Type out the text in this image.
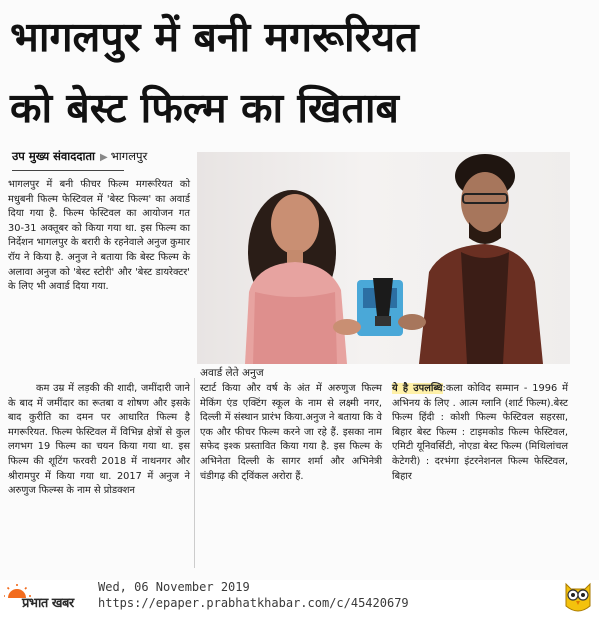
भागलपुर में बनी मगरूरियत
को बेस्ट फिल्म का खिताब
उप मुख्य संवाददाता ▶ भागलपुर

भागलपुर में बनी फीचर फिल्म मगरूरियत को मधुबनी फिल्म फेस्टिवल में 'बेस्ट फिल्म' का अवार्ड दिया गया है. फिल्म फेस्टिवल का आयोजन गत 30-31 अक्तूबर को किया गया था. इस फिल्म का निर्देशन भागलपुर के बरारी के रहनेवाले अनुज कुमार रॉय ने किया है. अनुज ने बताया कि बेस्ट फिल्म के अलावा अनुज को 'बेस्ट स्टोरी' और 'बेस्ट डायरेक्टर' के लिए भी अवार्ड दिया गया.

कम उम्र में लड़की की शादी, जमींदारी जाने के बाद में जमींदार का रूतबा व शोषण और इसके बाद कुरीति का दमन पर आधारित फिल्म है मगरूरियत. फिल्म फेस्टिवल में विभिन्न क्षेत्रों से कुल लगभग 19 फिल्म का चयन किया गया था. इस फिल्म की शूटिंग फरवरी 2018 में नाथनगर और श्रीरामपुर में किया गया था. 2017 में अनुज ने अरुणुज फिल्म्स के नाम से प्रोडक्शन

स्टार्ट किया और वर्ष के अंत में अरुणुज फिल्म मेकिंग एंड एक्टिंग स्कूल के नाम से लक्ष्मी नगर, दिल्ली में संस्थान प्रारंभ किया.अनुज ने बताया कि वे एक और फीचर फिल्म करने जा रहे हैं. इसका नाम सफेद इश्क प्रस्तावित किया गया है. इस फिल्म के अभिनेता दिल्ली के सागर शर्मा और अभिनेत्री चंडीगढ़ की ट्विंकल अरोरा हैं.

ये है उपलब्धि:कला कोविद सम्मान - 1996 में अभिनय के लिए . आत्म ग्लानि (शार्ट फिल्म).बेस्ट फिल्म हिंदी : कोशी फिल्म फेस्टिवल सहरसा, बिहार बेस्ट फिल्म : टाइमकोड फिल्म फेस्टिवल, एमिटी यूनिवर्सिटी, नोएडा बेस्ट फिल्म (मिथिलांचल केटेगरी) : दरभंगा इंटरनेशनल फिल्म फेस्टिवल, बिहार

अवार्ड लेते अनुज
प्रभात खबर
Wed, 06 November 2019
https://epaper.prabhatkhabar.com/c/45420679
